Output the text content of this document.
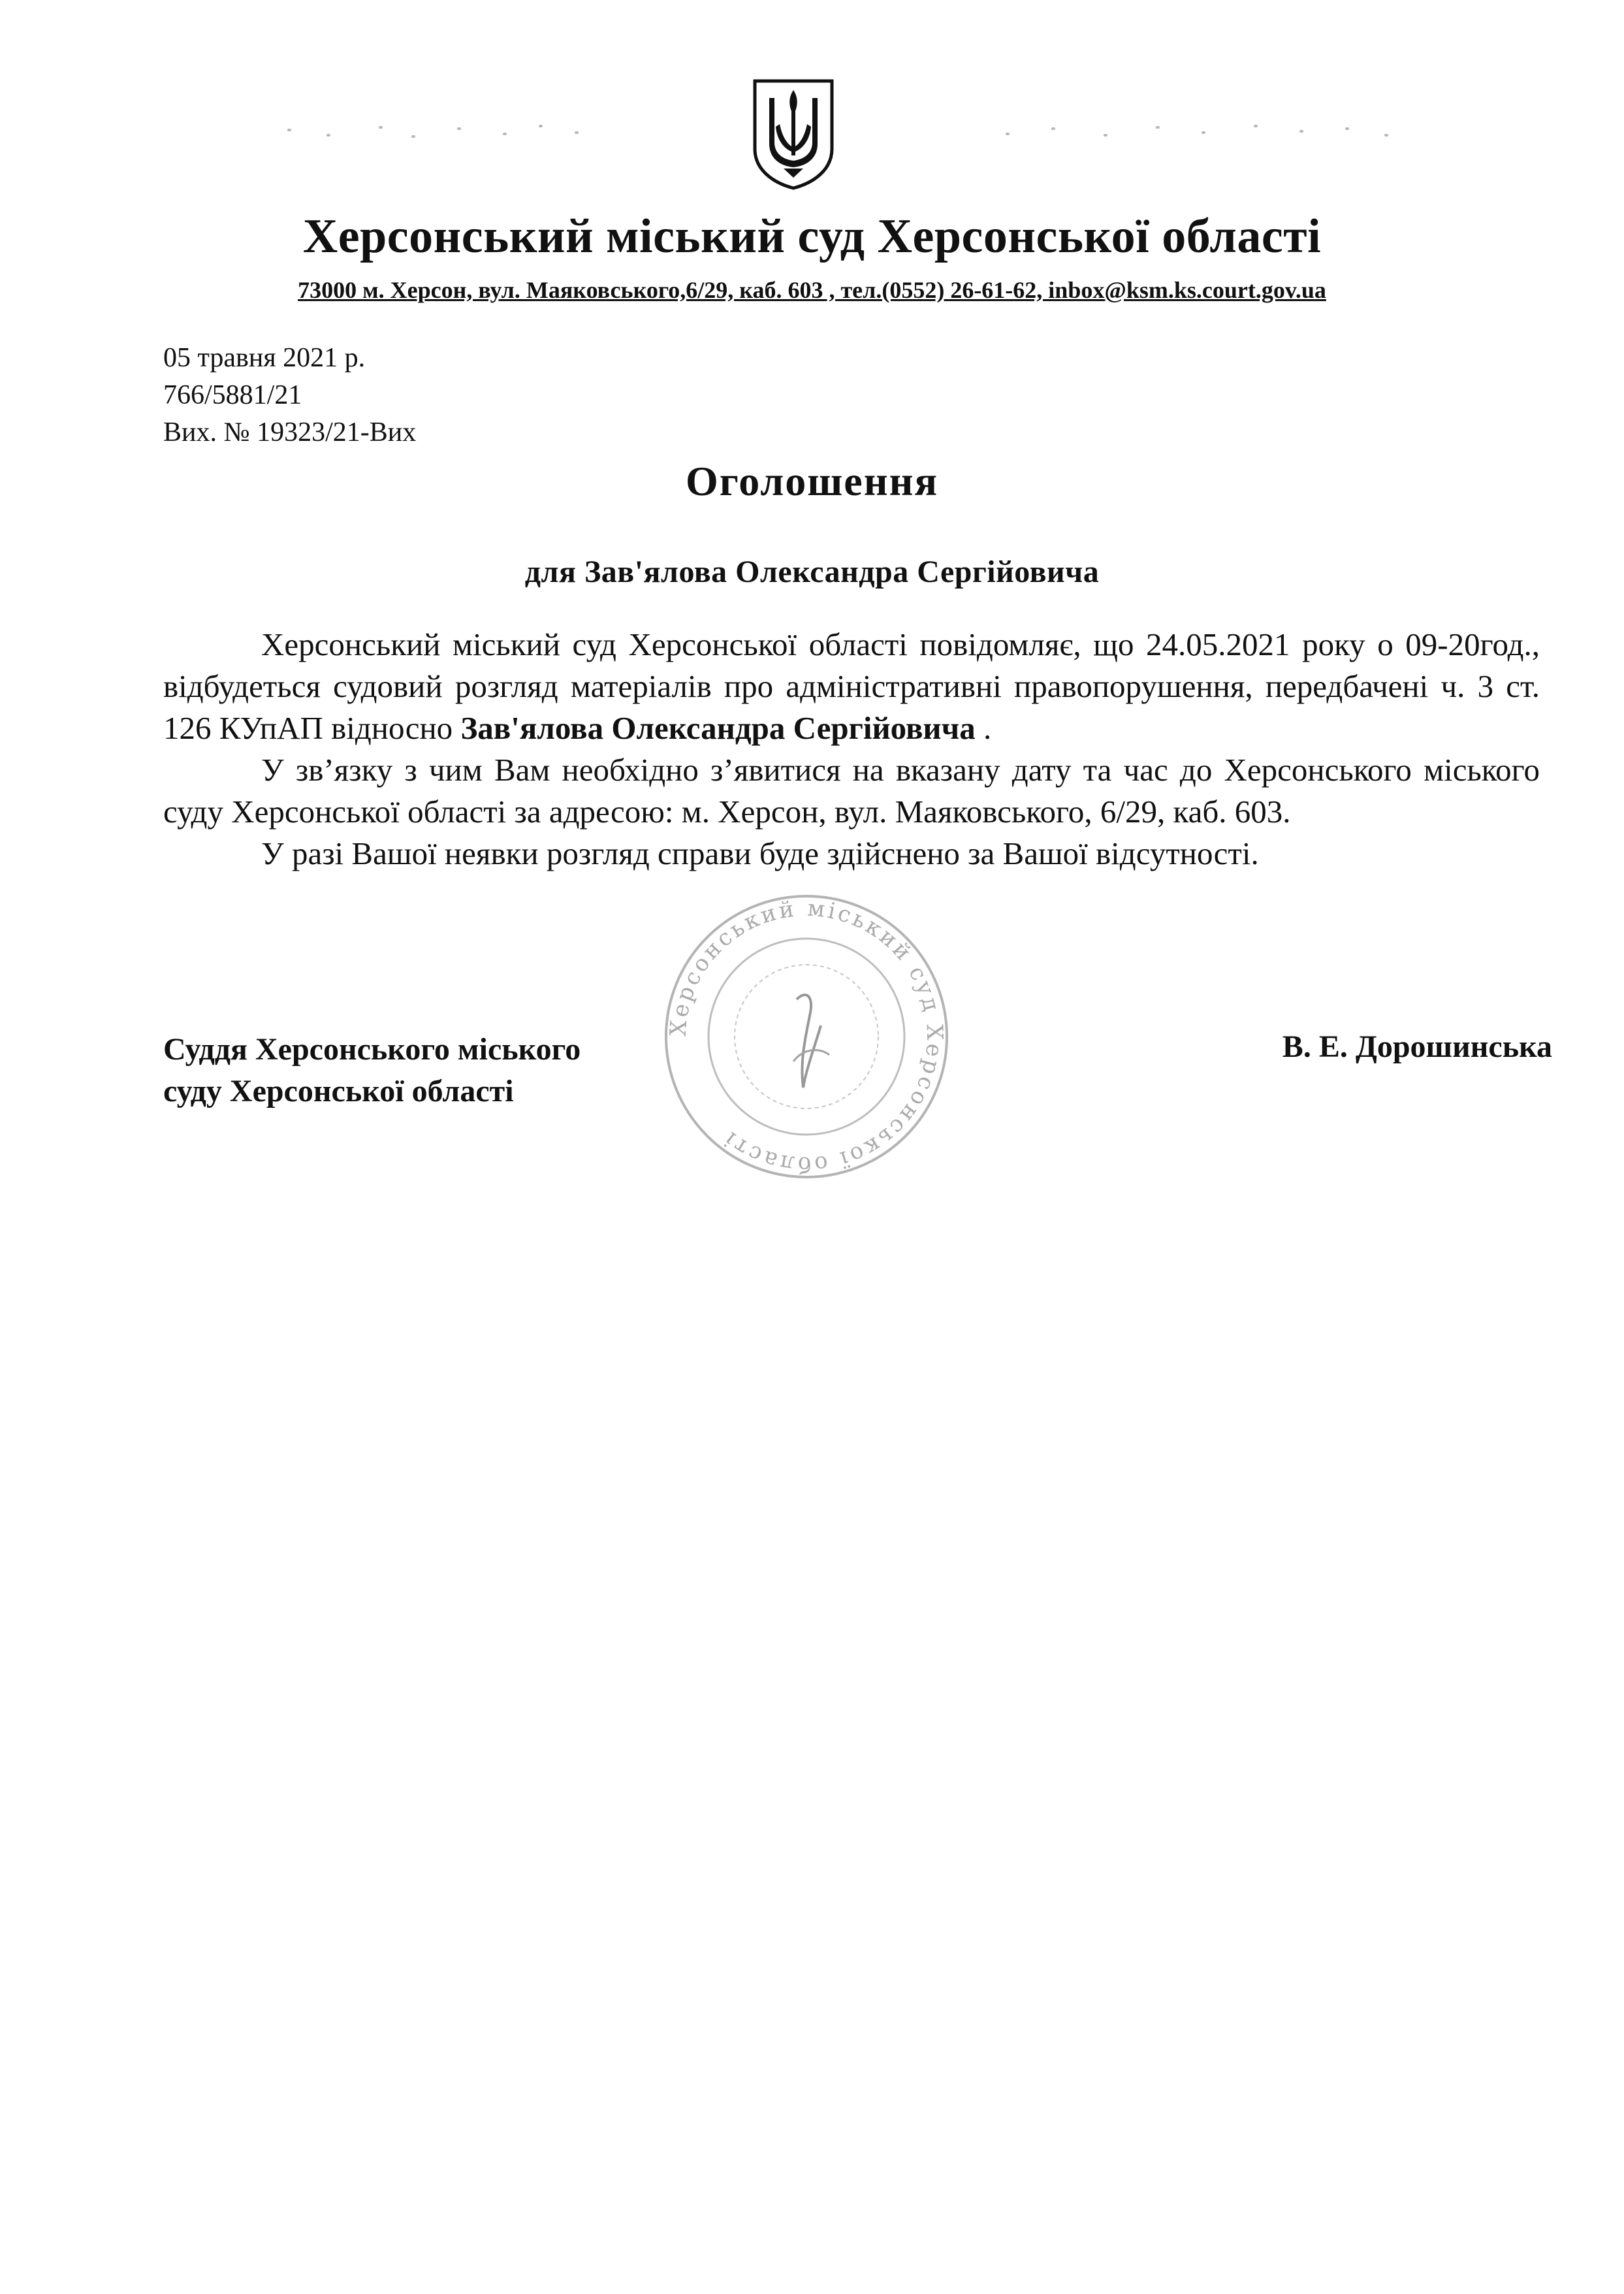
Херсонський міський суд Херсонської області
73000 м. Херсон, вул. Маяковського,6/29, каб. 603 , тел.(0552) 26-61-62, inbox@ksm.ks.court.gov.ua
05 травня 2021 р.
766/5881/21
Вих. № 19323/21-Вих
Оголошення
для Зав'ялова Олександра Сергійовича

Херсонський міський суд Херсонської області повідомляє, що 24.05.2021 року о 09-20год., відбудеться судовий розгляд матеріалів про адміністративні правопорушення, передбачені ч. 3 ст. 126 КУпАП відносно Зав'ялова Олександра Сергійовича .

У зв’язку з чим Вам необхідно з’явитися на вказану дату та час до Херсонського міського суду Херсонської облаcті за адресою: м. Херсон, вул. Маяковського, 6/29, каб. 603.

У разі Вашої неявки розгляд справи буде здійснено за Вашої відсутності.

Суддя Херсонського міського
суду Херсонської області
В. Е. Дорошинська
Херсонський міський суд Херсонської області
